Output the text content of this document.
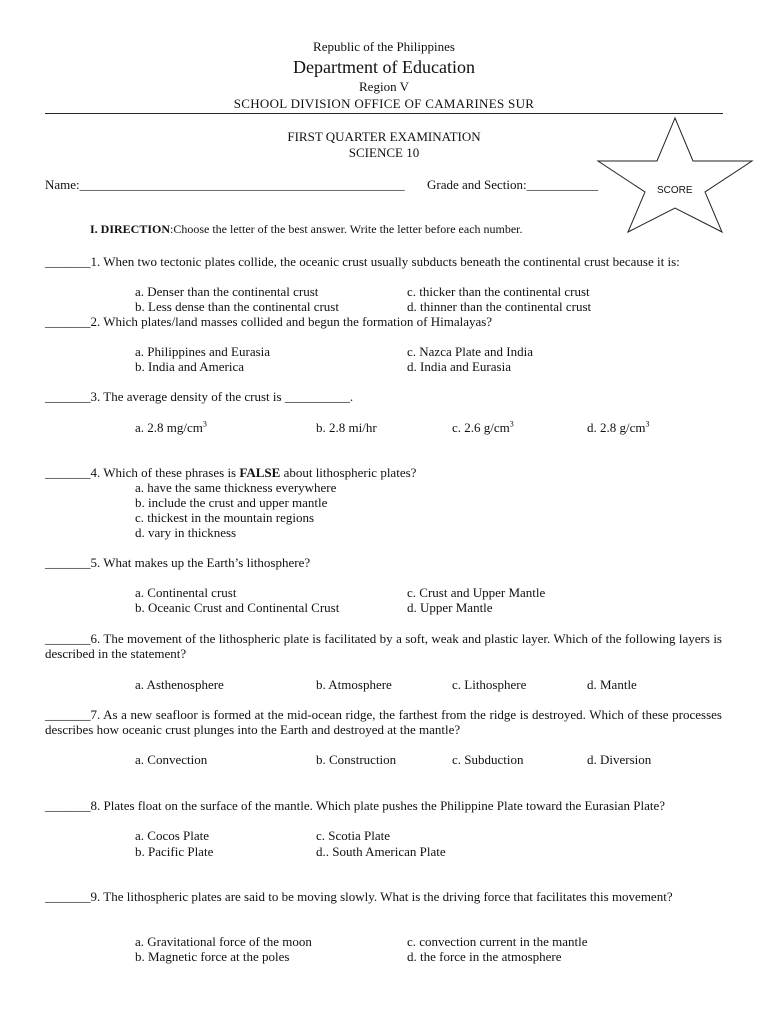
Republic of the Philippines
Department of Education
Region V
SCHOOL DIVISION OFFICE OF CAMARINES SUR
FIRST QUARTER EXAMINATION
SCIENCE 10
SCORE
Name:__________________________________________________ Grade and Section:___________
I. DIRECTION:Choose the letter of the best answer. Write the letter before each number.
_______1. When two tectonic plates collide, the oceanic crust usually subducts beneath the continental crust because it is:
a. Denser than the continental crust	c. thicker than the continental crust
b. Less dense than the continental crust	d. thinner than the continental crust
_______2. Which plates/land masses collided and begun the formation of Himalayas?
a. Philippines and Eurasia	c. Nazca Plate and India
b. India and America	d. India and Eurasia
_______3. The average density of the crust is __________.
a. 2.8 $mg/cm^3$	b. 2.8 mi/hr	c. 2.6 $g/cm^3$	d. 2.8 $g/cm^3$
_______4. Which of these phrases is FALSE about lithospheric plates?
a. have the same thickness everywhere
b. include the crust and upper mantle
c. thickest in the mountain regions
d. vary in thickness
_______5. What makes up the Earth’s lithosphere?
a. Continental crust	c. Crust and Upper Mantle
b. Oceanic Crust and Continental Crust	d. Upper Mantle
_______6. The movement of the lithospheric plate is facilitated by a soft, weak and plastic layer. Which of the following layers is described in the statement?
a. Asthenosphere	b. Atmosphere	c. Lithosphere	d. Mantle
_______7. As a new seafloor is formed at the mid-ocean ridge, the farthest from the ridge is destroyed. Which of these processes describes how oceanic crust plunges into the Earth and destroyed at the mantle?
a. Convection	b. Construction	c. Subduction	d. Diversion
_______8. Plates float on the surface of the mantle. Which plate pushes the Philippine Plate toward the Eurasian Plate?
a. Cocos Plate	c. Scotia Plate
b. Pacific Plate	d.. South American Plate
_______9. The lithospheric plates are said to be moving slowly. What is the driving force that facilitates this movement?
a. Gravitational force of the moon	c. convection current in the mantle
b. Magnetic force at the poles	d. the force in the atmosphere
